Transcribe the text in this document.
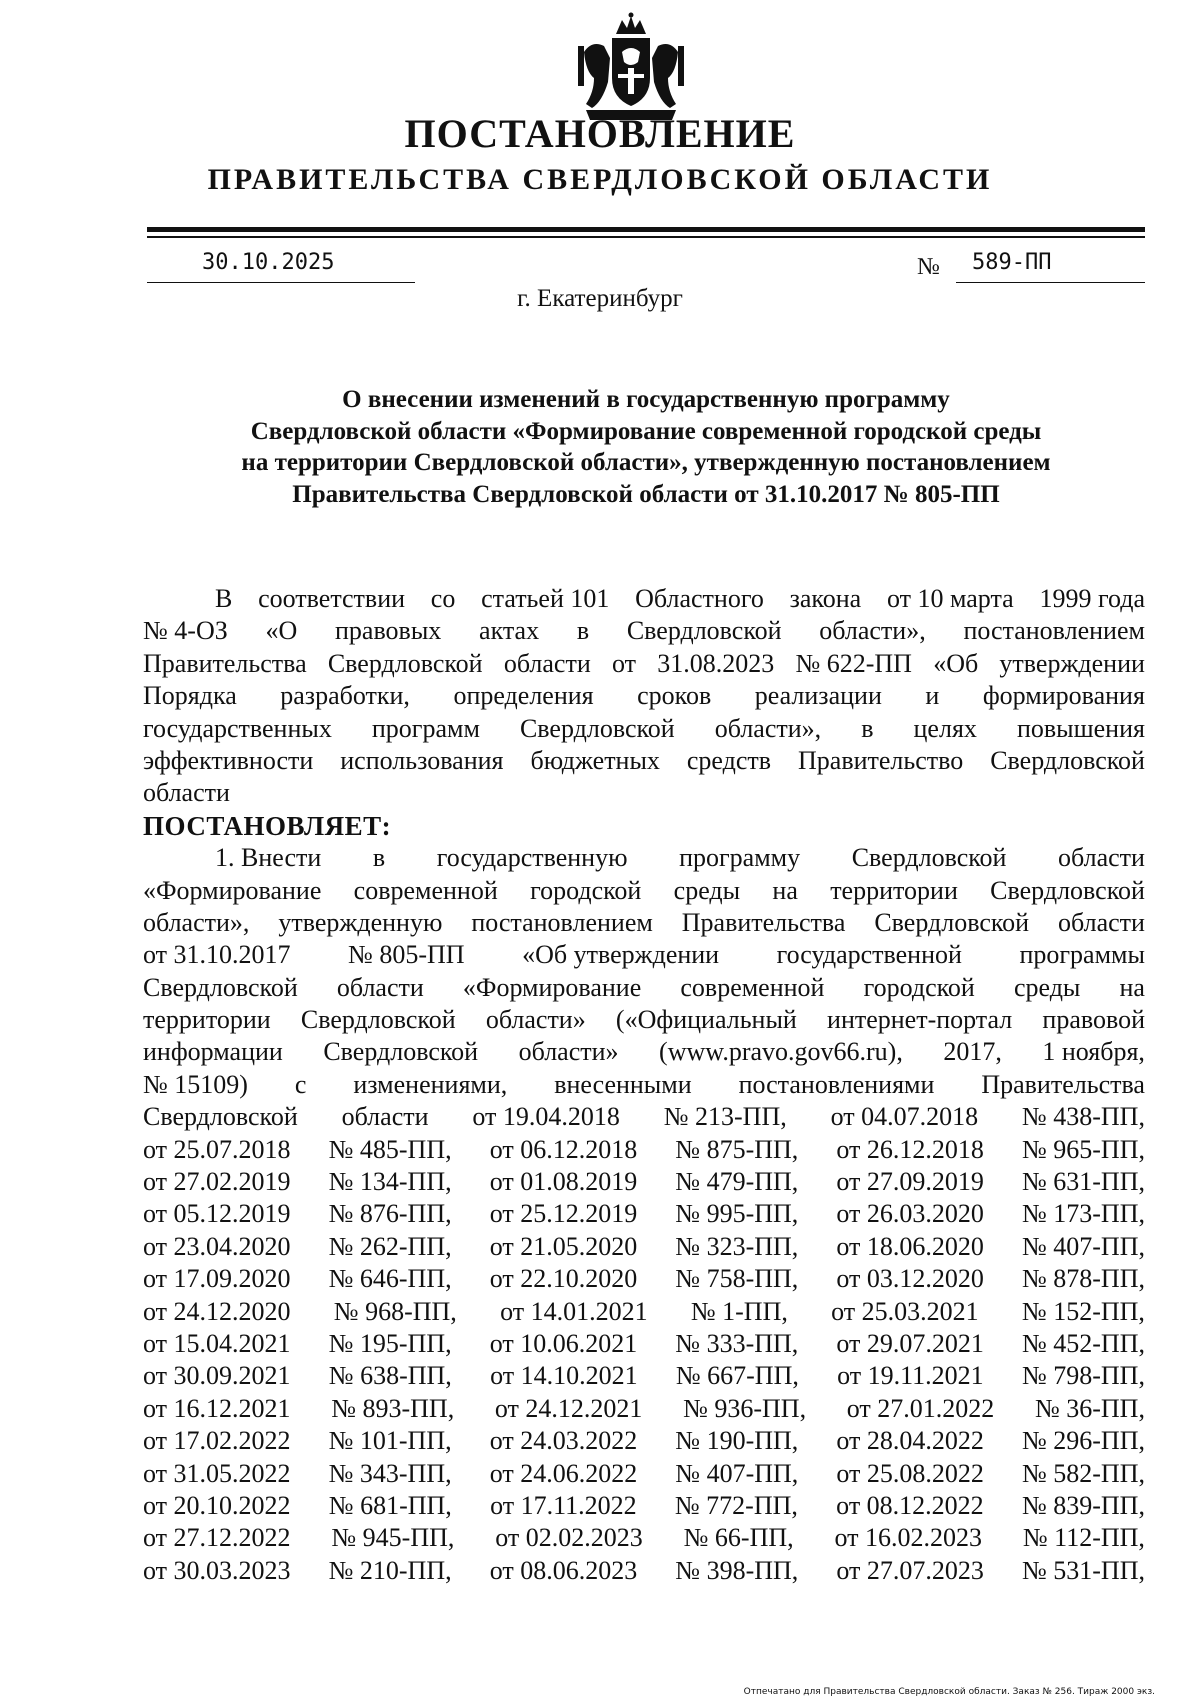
ПОСТАНОВЛЕНИЕ
ПРАВИТЕЛЬСТВА СВЕРДЛОВСКОЙ ОБЛАСТИ
30.10.2025	№ 589-ПП
г. Екатеринбург
О внесении изменений в государственную программу
Свердловской области «Формирование современной городской среды
на территории Свердловской области», утвержденную постановлением
Правительства Свердловской области от 31.10.2017 № 805-ПП
В соответствии со статьей 101 Областного закона от 10 марта 1999 года
№ 4-ОЗ «О правовых актах в Свердловской области», постановлением
Правительства Свердловской области от 31.08.2023 № 622-ПП «Об утверждении
Порядка разработки, определения сроков реализации и формирования
государственных программ Свердловской области», в целях повышения
эффективности использования бюджетных средств Правительство Свердловской
области
ПОСТАНОВЛЯЕТ:
1. Внести в государственную программу Свердловской области
«Формирование современной городской среды на территории Свердловской
области», утвержденную постановлением Правительства Свердловской области
от 31.10.2017 № 805-ПП «Об утверждении государственной программы
Свердловской области «Формирование современной городской среды на
территории Свердловской области» («Официальный интернет-портал правовой
информации Свердловской области» (www.pravo.gov66.ru), 2017, 1 ноября,
№ 15109) с изменениями, внесенными постановлениями Правительства
Свердловской области от 19.04.2018 № 213-ПП, от 04.07.2018 № 438-ПП,
от 25.07.2018 № 485-ПП, от 06.12.2018 № 875-ПП, от 26.12.2018 № 965-ПП,
от 27.02.2019 № 134-ПП, от 01.08.2019 № 479-ПП, от 27.09.2019 № 631-ПП,
от 05.12.2019 № 876-ПП, от 25.12.2019 № 995-ПП, от 26.03.2020 № 173-ПП,
от 23.04.2020 № 262-ПП, от 21.05.2020 № 323-ПП, от 18.06.2020 № 407-ПП,
от 17.09.2020 № 646-ПП, от 22.10.2020 № 758-ПП, от 03.12.2020 № 878-ПП,
от 24.12.2020 № 968-ПП, от 14.01.2021 № 1-ПП, от 25.03.2021 № 152-ПП,
от 15.04.2021 № 195-ПП, от 10.06.2021 № 333-ПП, от 29.07.2021 № 452-ПП,
от 30.09.2021 № 638-ПП, от 14.10.2021 № 667-ПП, от 19.11.2021 № 798-ПП,
от 16.12.2021 № 893-ПП, от 24.12.2021 № 936-ПП, от 27.01.2022 № 36-ПП,
от 17.02.2022 № 101-ПП, от 24.03.2022 № 190-ПП, от 28.04.2022 № 296-ПП,
от 31.05.2022 № 343-ПП, от 24.06.2022 № 407-ПП, от 25.08.2022 № 582-ПП,
от 20.10.2022 № 681-ПП, от 17.11.2022 № 772-ПП, от 08.12.2022 № 839-ПП,
от 27.12.2022 № 945-ПП, от 02.02.2023 № 66-ПП, от 16.02.2023 № 112-ПП,
от 30.03.2023 № 210-ПП, от 08.06.2023 № 398-ПП, от 27.07.2023 № 531-ПП,
Отпечатано для Правительства Свердловской области. Заказ № 256. Тираж 2000 экз.
